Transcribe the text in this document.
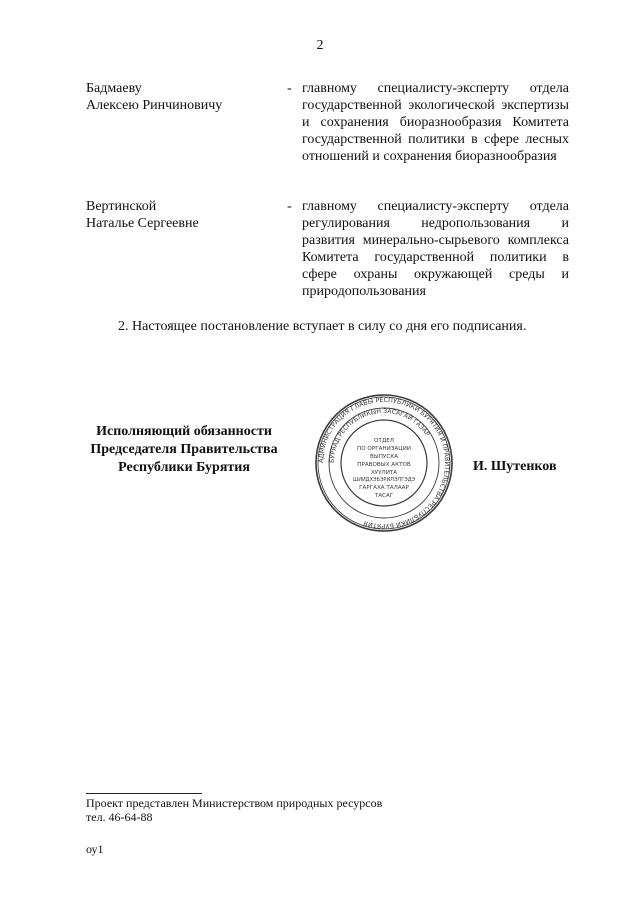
2
Бадмаеву
Алексею Ринчиновичу
- главному специалисту-эксперту отдела государственной экологической экспертизы и сохранения биоразнообразия Комитета государственной политики в сфере лесных отношений и сохранения биоразнообразия
Вертинской
Наталье Сергеевне
- главному специалисту-эксперту отдела регулирования недропользования и развития минерально-сырьевого комплекса Комитета государственной политики в сфере охраны окружающей среды и природопользования
2. Настоящее постановление вступает в силу со дня его подписания.
Исполняющий обязанности
Председателя Правительства
Республики Бурятия	АДМИНИСТРАЦИЯ ГЛАВЫ РЕСПУБЛИКИ БУРЯТИЯ И ПРАВИТЕЛЬСТВА РЕСПУБЛИКИ БУРЯТИЯ
БУРЯАД РЕСПУБЛИКЫН ЗАСАГАЙ ГАЗАР
ОТДЕЛ
ПО ОРГАНИЗАЦИИ
ВЫПУСКА
ПРАВОВЫХ АКТОВ
ХУУЛИТА
ШИИДХЭБЭРИЛЭЛГЭДЭ
ГАРГАХА ТАЛААР
ТАСАГ
И. Шутенков
Проект представлен Министерством природных ресурсов
тел. 46-64-88
оу1
